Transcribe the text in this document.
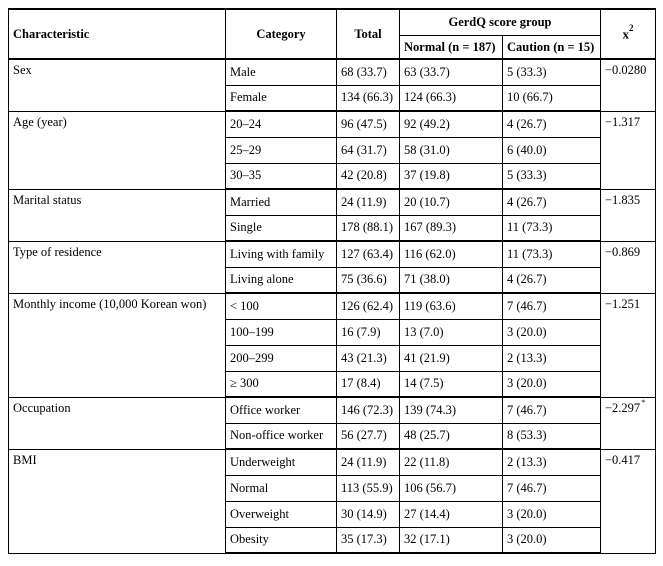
Characteristic	Category	Total	GerdQ score group		$x^2$
			Normal (n = 187)	Caution (n = 15)	
Sex	Male	68 (33.7)	63 (33.7)	5 (33.3)	−0.0280
	Female	134 (66.3)	124 (66.3)	10 (66.7)	
Age (year)	20–24	96 (47.5)	92 (49.2)	4 (26.7)	−1.317
	25–29	64 (31.7)	58 (31.0)	6 (40.0)	
	30–35	42 (20.8)	37 (19.8)	5 (33.3)	
Marital status	Married	24 (11.9)	20 (10.7)	4 (26.7)	−1.835
	Single	178 (88.1)	167 (89.3)	11 (73.3)	
Type of residence	Living with family	127 (63.4)	116 (62.0)	11 (73.3)	−0.869
	Living alone	75 (36.6)	71 (38.0)	4 (26.7)	
Monthly income (10,000 Korean won)	< 100	126 (62.4)	119 (63.6)	7 (46.7)	−1.251
	100–199	16 (7.9)	13 (7.0)	3 (20.0)	
	200–299	43 (21.3)	41 (21.9)	2 (13.3)	
	≥ 300	17 (8.4)	14 (7.5)	3 (20.0)	
Occupation	Office worker	146 (72.3)	139 (74.3)	7 (46.7)	−2.297*
	Non-office worker	56 (27.7)	48 (25.7)	8 (53.3)	
BMI	Underweight	24 (11.9)	22 (11.8)	2 (13.3)	−0.417
	Normal	113 (55.9)	106 (56.7)	7 (46.7)	
	Overweight	30 (14.9)	27 (14.4)	3 (20.0)	
	Obesity	35 (17.3)	32 (17.1)	3 (20.0)	
